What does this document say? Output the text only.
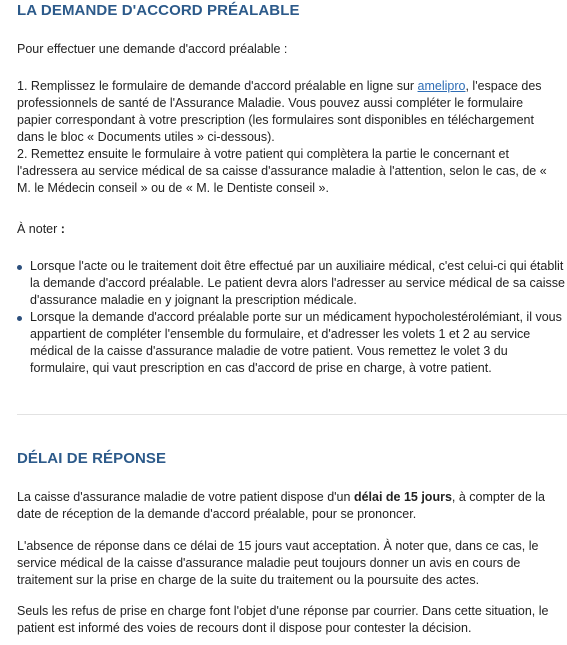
LA DEMANDE D'ACCORD PRÉALABLE

Pour effectuer une demande d'accord préalable :

1. Remplissez le formulaire de demande d'accord préalable en ligne sur amelipro, l'espace des professionnels de santé de l'Assurance Maladie. Vous pouvez aussi compléter le formulaire papier correspondant à votre prescription (les formulaires sont disponibles en téléchargement dans le bloc « Documents utiles » ci-dessous).
2. Remettez ensuite le formulaire à votre patient qui complètera la partie le concernant et l'adressera au service médical de sa caisse d'assurance maladie à l'attention, selon le cas, de « M. le Médecin conseil » ou de « M. le Dentiste conseil ».

À noter :

Lorsque l'acte ou le traitement doit être effectué par un auxiliaire médical, c'est celui-ci qui établit la demande d'accord préalable. Le patient devra alors l'adresser au service médical de sa caisse d'assurance maladie en y joignant la prescription médicale.
Lorsque la demande d'accord préalable porte sur un médicament hypocholestérolémiant, il vous appartient de compléter l'ensemble du formulaire, et d'adresser les volets 1 et 2 au service médical de la caisse d'assurance maladie de votre patient. Vous remettez le volet 3 du formulaire, qui vaut prescription en cas d'accord de prise en charge, à votre patient.
DÉLAI DE RÉPONSE

La caisse d'assurance maladie de votre patient dispose d'un délai de 15 jours, à compter de la date de réception de la demande d'accord préalable, pour se prononcer.

L'absence de réponse dans ce délai de 15 jours vaut acceptation. À noter que, dans ce cas, le service médical de la caisse d'assurance maladie peut toujours donner un avis en cours de traitement sur la prise en charge de la suite du traitement ou la poursuite des actes.

Seuls les refus de prise en charge font l'objet d'une réponse par courrier. Dans cette situation, le patient est informé des voies de recours dont il dispose pour contester la décision.
